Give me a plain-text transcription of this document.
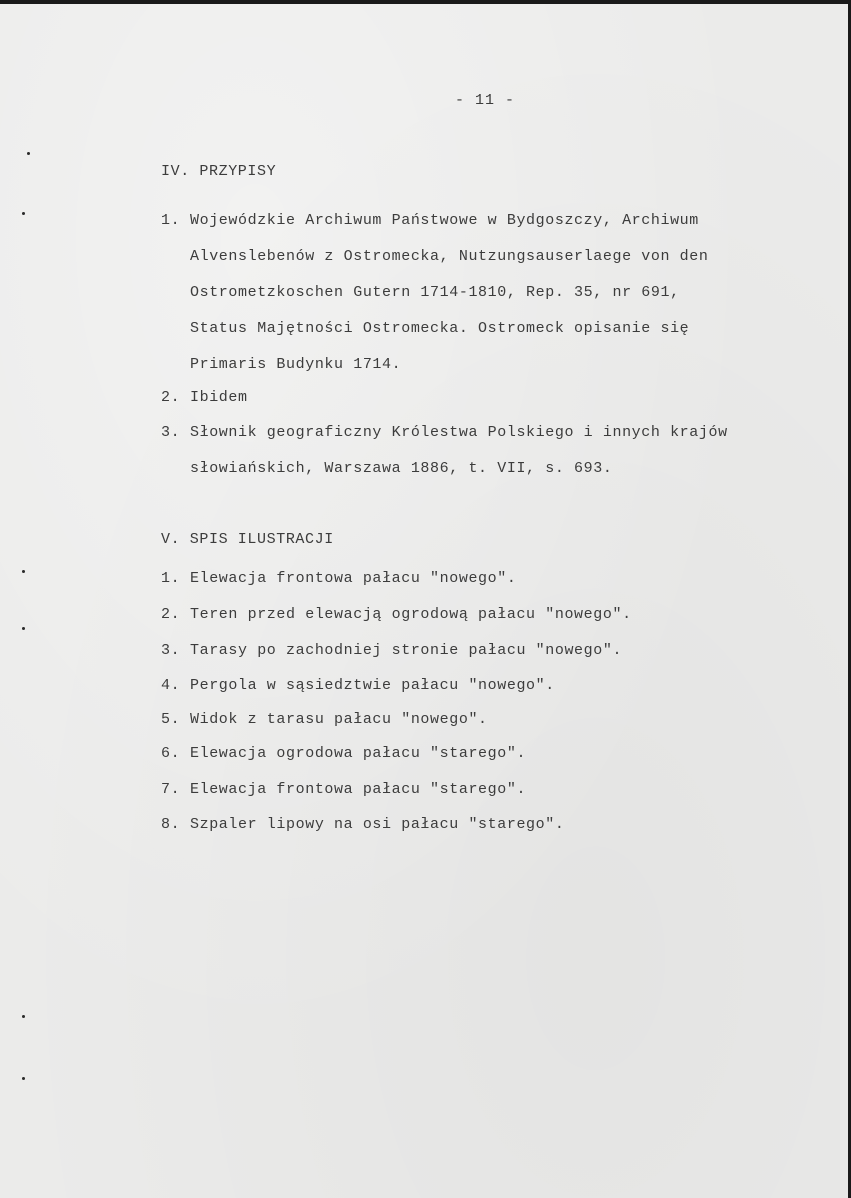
- 11 -
IV. PRZYPISY
1. Wojewódzkie Archiwum Państwowe w Bydgoszczy, Archiwum
Alvenslebenów z Ostromecka, Nutzungsauserlaege von den
Ostrometzkoschen Gutern 1714-1810, Rep. 35, nr 691,
Status Majętności Ostromecka. Ostromeck opisanie się
Primaris Budynku 1714.
2. Ibidem
3. Słownik geograficzny Królestwa Polskiego i innych krajów
słowiańskich, Warszawa 1886, t. VII, s. 693.
V. SPIS ILUSTRACJI
1. Elewacja frontowa pałacu "nowego".
2. Teren przed elewacją ogrodową pałacu "nowego".
3. Tarasy po zachodniej stronie pałacu "nowego".
4. Pergola w sąsiedztwie pałacu "nowego".
5. Widok z tarasu pałacu "nowego".
6. Elewacja ogrodowa pałacu "starego".
7. Elewacja frontowa pałacu "starego".
8. Szpaler lipowy na osi pałacu "starego".
